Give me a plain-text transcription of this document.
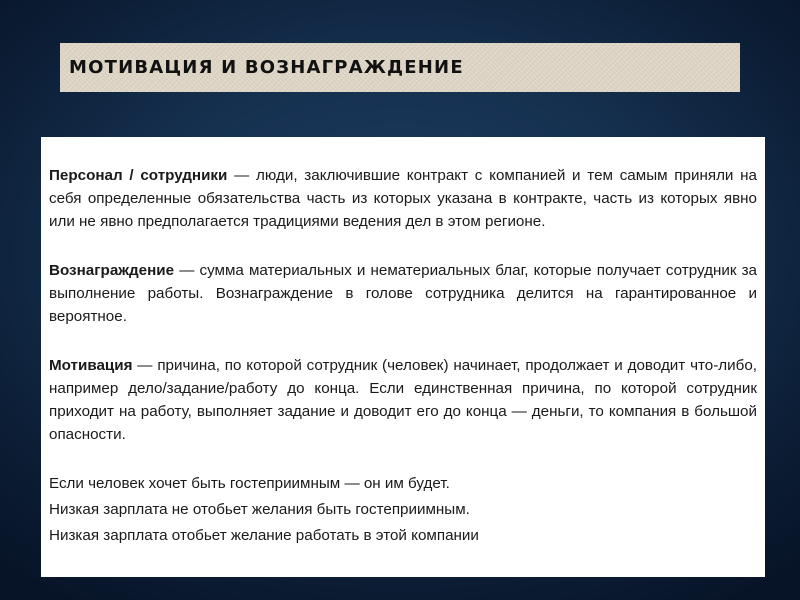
МОТИВАЦИЯ И ВОЗНАГРАЖДЕНИЕ

Персонал / сотрудники — люди, заключившие контракт с компанией и тем самым приняли на себя определенные обязательства часть из которых указана в контракте, часть из которых явно или не явно предполагается традициями ведения дел в этом регионе.

Вознаграждение — сумма материальных и нематериальных благ, которые получает сотрудник за выполнение работы. Вознаграждение в голове сотрудника делится на гарантированное и вероятное.

Мотивация — причина, по которой сотрудник (человек) начинает, продолжает и доводит что-либо, например дело/задание/работу до конца. Если единственная причина, по которой сотрудник приходит на работу, выполняет задание и доводит его до конца — деньги, то компания в большой опасности.

Если человек хочет быть гостеприимным — он им будет.

Низкая зарплата не отобьет желания быть гостеприимным.

Низкая зарплата отобьет желание работать в этой компании
